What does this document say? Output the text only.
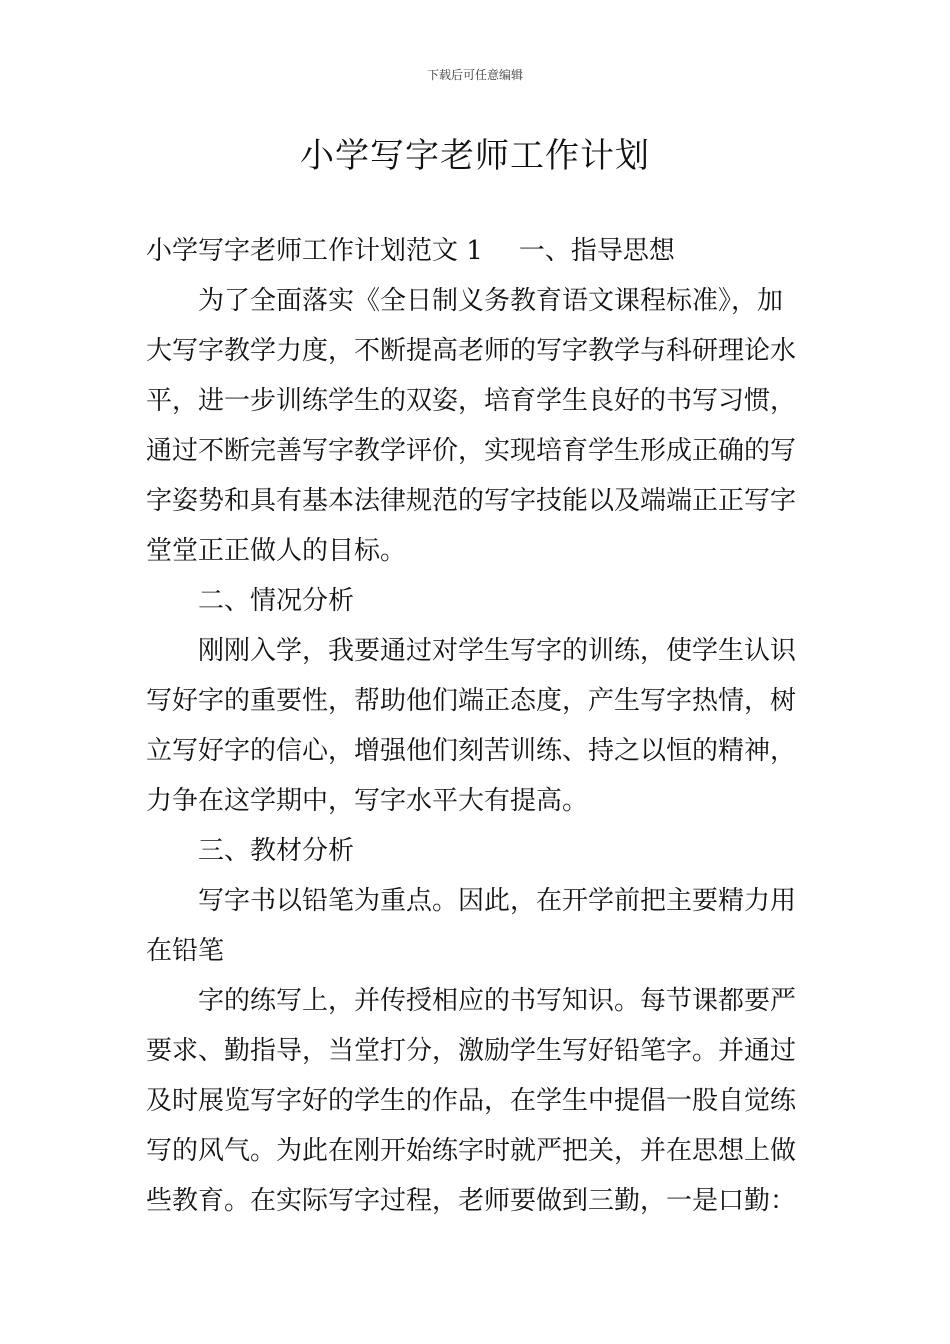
下载后可任意编辑
小学写字老师工作计划
小学写字老师工作计划范文 1 一、指导思想
为了全面落实《全日制义务教育语文课程标准》，加
大写字教学力度，不断提高老师的写字教学与科研理论水
平，进一步训练学生的双姿，培育学生良好的书写习惯，
通过不断完善写字教学评价，实现培育学生形成正确的写
字姿势和具有基本法律规范的写字技能以及端端正正写字
堂堂正正做人的目标。
二、情况分析
刚刚入学，我要通过对学生写字的训练，使学生认识
写好字的重要性，帮助他们端正态度，产生写字热情，树
立写好字的信心，增强他们刻苦训练、持之以恒的精神，
力争在这学期中，写字水平大有提高。
三、教材分析
写字书以铅笔为重点。因此，在开学前把主要精力用
在铅笔
字的练写上，并传授相应的书写知识。每节课都要严
要求、勤指导，当堂打分，激励学生写好铅笔字。并通过
及时展览写字好的学生的作品，在学生中提倡一股自觉练
写的风气。为此在刚开始练字时就严把关，并在思想上做
些教育。在实际写字过程，老师要做到三勤，一是口勤：
